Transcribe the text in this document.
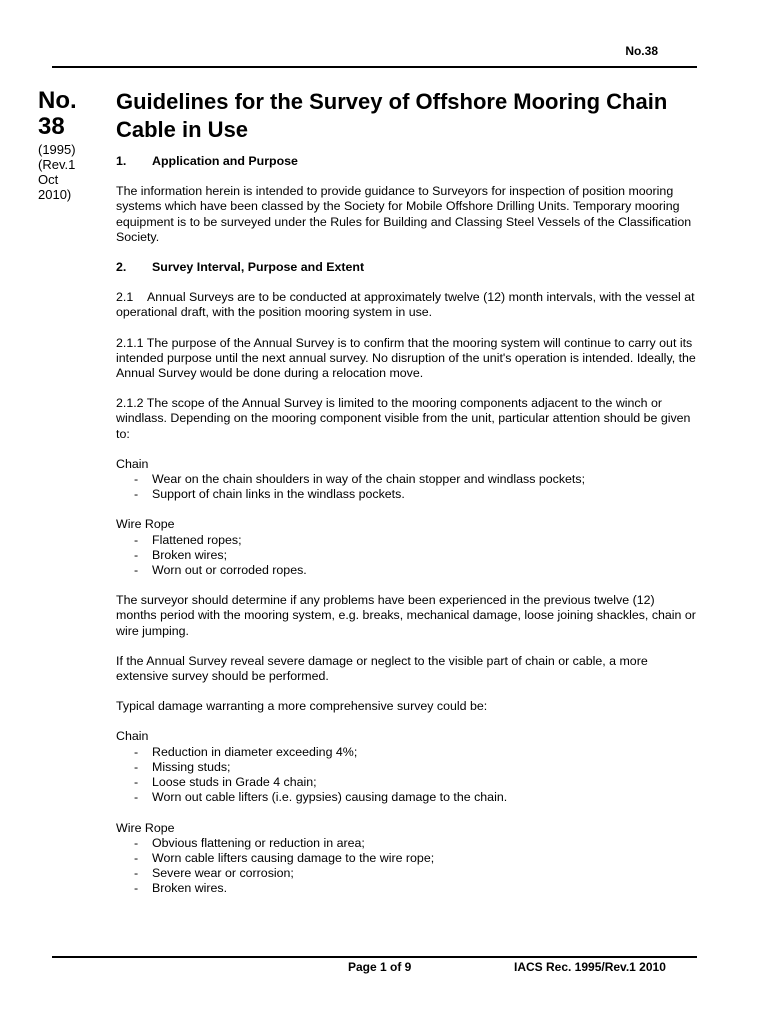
No.38
No.
38
(1995)
(Rev.1
Oct
2010)
Guidelines for the Survey of Offshore Mooring Chain Cable in Use
1. Application and Purpose

The information herein is intended to provide guidance to Surveyors for inspection of position mooring systems which have been classed by the Society for Mobile Offshore Drilling Units. Temporary mooring equipment is to be surveyed under the Rules for Building and Classing Steel Vessels of the Classification Society.

2. Survey Interval, Purpose and Extent

2.1    Annual Surveys are to be conducted at approximately twelve (12) month intervals, with the vessel at operational draft, with the position mooring system in use.

2.1.1 The purpose of the Annual Survey is to confirm that the mooring system will continue to carry out its intended purpose until the next annual survey. No disruption of the unit's operation is intended. Ideally, the Annual Survey would be done during a relocation move.

2.1.2 The scope of the Annual Survey is limited to the mooring components adjacent to the winch or windlass. Depending on the mooring component visible from the unit, particular attention should be given to:

Chain
- Wear on the chain shoulders in way of the chain stopper and windlass pockets;
- Support of chain links in the windlass pockets.
Wire Rope
- Flattened ropes;
- Broken wires;
- Worn out or corroded ropes.

The surveyor should determine if any problems have been experienced in the previous twelve (12) months period with the mooring system, e.g. breaks, mechanical damage, loose joining shackles, chain or wire jumping.

If the Annual Survey reveal severe damage or neglect to the visible part of chain or cable, a more extensive survey should be performed.

Typical damage warranting a more comprehensive survey could be:

Chain
- Reduction in diameter exceeding 4%;
- Missing studs;
- Loose studs in Grade 4 chain;
- Worn out cable lifters (i.e. gypsies) causing damage to the chain.
Wire Rope
- Obvious flattening or reduction in area;
- Worn cable lifters causing damage to the wire rope;
- Severe wear or corrosion;
- Broken wires.
Page 1 of 9	IACS Rec. 1995/Rev.1 2010
